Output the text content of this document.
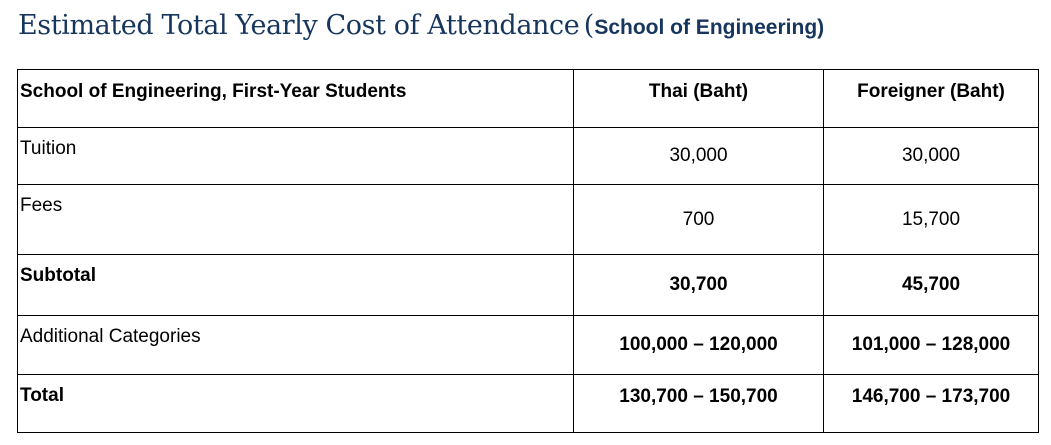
Estimated Total Yearly Cost of Attendance (School of Engineering)
School of Engineering, First-Year Students	Thai (Baht)	Foreigner (Baht)
Tuition	30,000	30,000
Fees	700	15,700
Subtotal	30,700	45,700
Additional Categories	100,000 – 120,000	101,000 – 128,000
Total	130,700 – 150,700	146,700 – 173,700
